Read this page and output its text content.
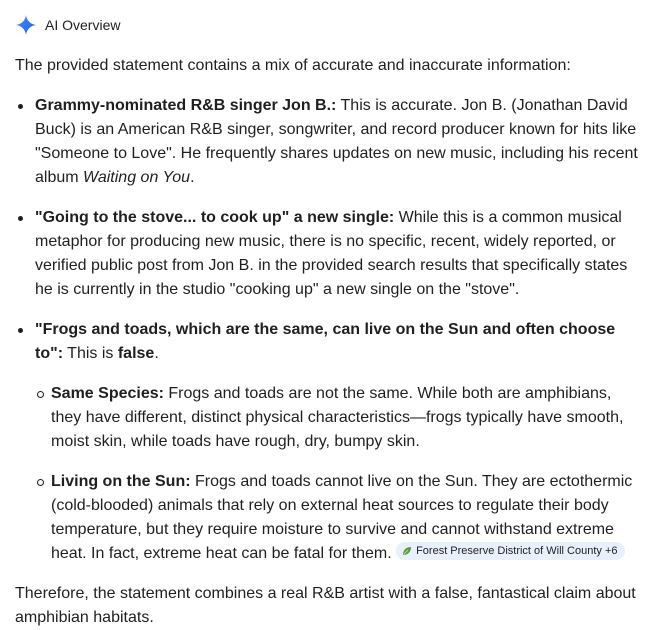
AI Overview

The provided statement contains a mix of accurate and inaccurate information:

Grammy-nominated R&B singer Jon B.: This is accurate. Jon B. (Jonathan David Buck) is an American R&B singer, songwriter, and record producer known for hits like "Someone to Love". He frequently shares updates on new music, including his recent album Waiting on You.
"Going to the stove... to cook up" a new single: While this is a common musical metaphor for producing new music, there is no specific, recent, widely reported, or verified public post from Jon B. in the provided search results that specifically states he is currently in the studio "cooking up" a new single on the "stove".
"Frogs and toads, which are the same, can live on the Sun and often choose to": This is false.
Same Species: Frogs and toads are not the same. While both are amphibians, they have different, distinct physical characteristics—frogs typically have smooth, moist skin, while toads have rough, dry, bumpy skin.
Living on the Sun: Frogs and toads cannot live on the Sun. They are ectothermic (cold-blooded) animals that rely on external heat sources to regulate their body temperature, but they require moisture to survive and cannot withstand extreme heat. In fact, extreme heat can be fatal for them. Forest Preserve District of Will County +6

Therefore, the statement combines a real R&B artist with a false, fantastical claim about amphibian habitats.
